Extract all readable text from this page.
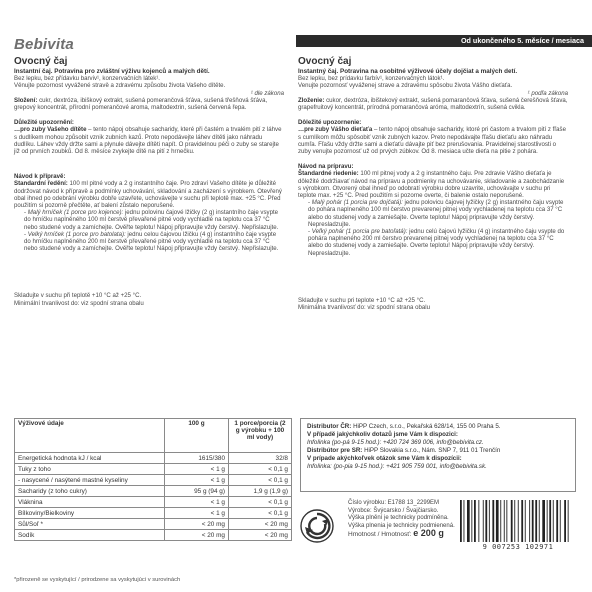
Od ukončeného 5. měsíce / mesiaca
Bebivita
Ovocný čaj

Instantní čaj. Potravina pro zvláštní výživu kojenců a malých dětí.

Bez lepku, bez přídavku barviv¹, konzervačních látek¹.

Věnujte pozornost vyvážené stravě a zdravému způsobu života Vašeho dítěte.

¹ dle zákona

Složení: cukr, dextróza, ibiškový extrakt, sušená pomerančová šťáva, sušená třešňová šťáva, grepový koncentrát, přírodní pomerančové aroma, maltodextrin, sušená červená řepa.

Důležité upozornění:

…pro zuby Vašeho dítěte – tento nápoj obsahuje sacharidy, které při častém a trvalém pití z láhve s dudlíkem mohou způsobit vznik zubních kazů. Proto nepodávejte láhev dítěti jako náhradu dudlíku. Láhev vždy držte sami a plynule dávejte dítěti napít. O pravidelnou péči o zuby se starejte již od prvních zoubků. Od 8. měsíce zvykejte dítě na pití z hrnečku.

Návod k přípravě:

Standardní ředění: 100 ml pitné vody a 2 g instantního čaje. Pro zdraví Vašeho dítěte je důležité dodržovat návod k přípravě a podmínky uchovávání, skladování a zacházení s výrobkem. Otevřený obal ihned po odebrání výrobku dobře uzavřete, uchovávejte v suchu při teplotě max. +25 °C. Před použitím si pozorně přečtěte, ať balení zůstalo neporušené.

- Malý hrníček (1 porce pro kojence): jednu polovinu čajové lžičky (2 g) instantního čaje vsypte do hrníčku naplněného 100 ml čerstvě převařené pitné vody vychladlé na teplotu cca 37 °C nebo studené vody a zamíchejte. Ověřte teplotu! Nápoj připravujte vždy čerstvý. Nepřislazujte.

- Velký hrníček (1 porce pro batolata): jednu celou čajovou lžičku (4 g) instantního čaje vsypte do hrníčku naplněného 200 ml čerstvě převařené pitné vody vychladlé na teplotu cca 37 °C nebo studené vody a zamíchejte. Ověřte teplotu! Nápoj připravujte vždy čerstvý. Nepřislazujte.

Skladujte v suchu při teplotě +10 °C až +25 °C.

Minimální trvanlivost do: viz spodní strana obalu

Ovocný čaj

Instantný čaj. Potravina na osobitné výživové účely dojčiat a malých detí.

Bez lepku, bez prídavku farbív¹, konzervačných látok¹.

Venujte pozornosť vyváženej strave a zdravému spôsobu života Vášho dieťaťa.

¹ podľa zákona

Zloženie: cukor, dextróza, ibištekový extrakt, sušená pomarančová šťava, sušená čerešňová šťava, grapefruitový koncentrát, prírodná pomarančová aróma, maltodextrín, sušená cvikla.

Dôležité upozornenie:

…pre zuby Vášho dieťaťa – tento nápoj obsahuje sacharidy, ktoré pri častom a trvalom pití z fľaše s cumlíkom môžu spôsobiť vznik zubných kazov. Preto nepodávajte fľašu dieťaťu ako náhradu cumľa. Fľašu vždy držte sami a dieťaťu dávajte piť bez prerušovania. Pravidelnej starostlivosti o zuby venujte pozornosť už od prvých zúbkov. Od 8. mesiaca učte dieťa na pitie z pohára.

Návod na prípravu:

Štandardné riedenie: 100 ml pitnej vody a 2 g instantného čaju. Pre zdravie Vášho dieťaťa je dôležité dodržiavať návod na prípravu a podmienky na uchovávanie, skladovanie a zaobchádzanie s výrobkom. Otvorený obal ihneď po odobratí výrobku dobre uzavrite, uchovávajte v suchu pri teplote max. +25 °C. Pred použitím si pozorne overte, či balenie ostalo neporušené.

- Malý pohár (1 porcia pre dojčatá): jednu polovicu čajovej lyžičky (2 g) instantného čaju vsypte do pohára naplneného 100 ml čerstvo prevarenej pitnej vody vychladenej na teplotu cca 37 °C alebo do studenej vody a zamiešajte. Overte teplotu! Nápoj pripravujte vždy čerstvý. Nepresladzujte.

- Veľký pohár (1 porcia pre batoľatá): jednu celú čajovú lyžičku (4 g) instantného čaju vsypte do pohára naplneného 200 ml čerstvo prevarenej pitnej vody vychladenej na teplotu cca 37 °C alebo do studenej vody a zamiešajte. Overte teplotu! Nápoj pripravujte vždy čerstvý. Nepresladzujte.

Skladujte v suchu pri teplote +10 °C až +25 °C.

Minimálna trvanlivosť do: viz spodní strana obalu

Výživové údaje	100 g	1 porce/porcia (2 g výrobku + 100 ml vody)
Energetická hodnota kJ / kcal	1615/380	32/8
Tuky z toho	< 1 g	< 0,1 g
- nasycené / nasýtené mastné kyseliny	< 1 g	< 0,1 g
Sacharidy (z toho cukry)	95 g (94 g)	1,9 g (1,9 g)
Vláknina	< 1 g	< 0,1 g
Bílkoviny/Bielkoviny	< 1 g	< 0,1 g
Sůl/Soľ *	< 20 mg	< 20 mg
Sodík	< 20 mg	< 20 mg
*přirozeně se vyskytující / prirodzene sa vyskytujúci v surovinách

Distributor ČR: HiPP Czech, s.r.o., Pekařská 628/14, 155 00 Praha 5.

V případě jakýchkoliv dotazů jsme Vám k dispozici:

Infolinka (po-pá 9-15 hod.): +420 724 369 006, info@bebivita.cz.

Distribútor pre SR: HiPP Slovakia s.r.o., Nám. SNP 7, 911 01 Trenčín

V prípade akýchkoľvek otázok sme Vám k dispozícii:

Infolinka: (po-pia 9-15 hod.): +421 905 759 001, info@bebivita.sk.

Číslo výrobku: E1788 13_2299EM

Výrobce: Švýcarsko / Švajčiarsko.

Výška plnění je technicky podmíněna.

Výška plnenia je technicky podmienená.

Hmotnost / Hmotnosť: e 200 g

9 007253 102971
